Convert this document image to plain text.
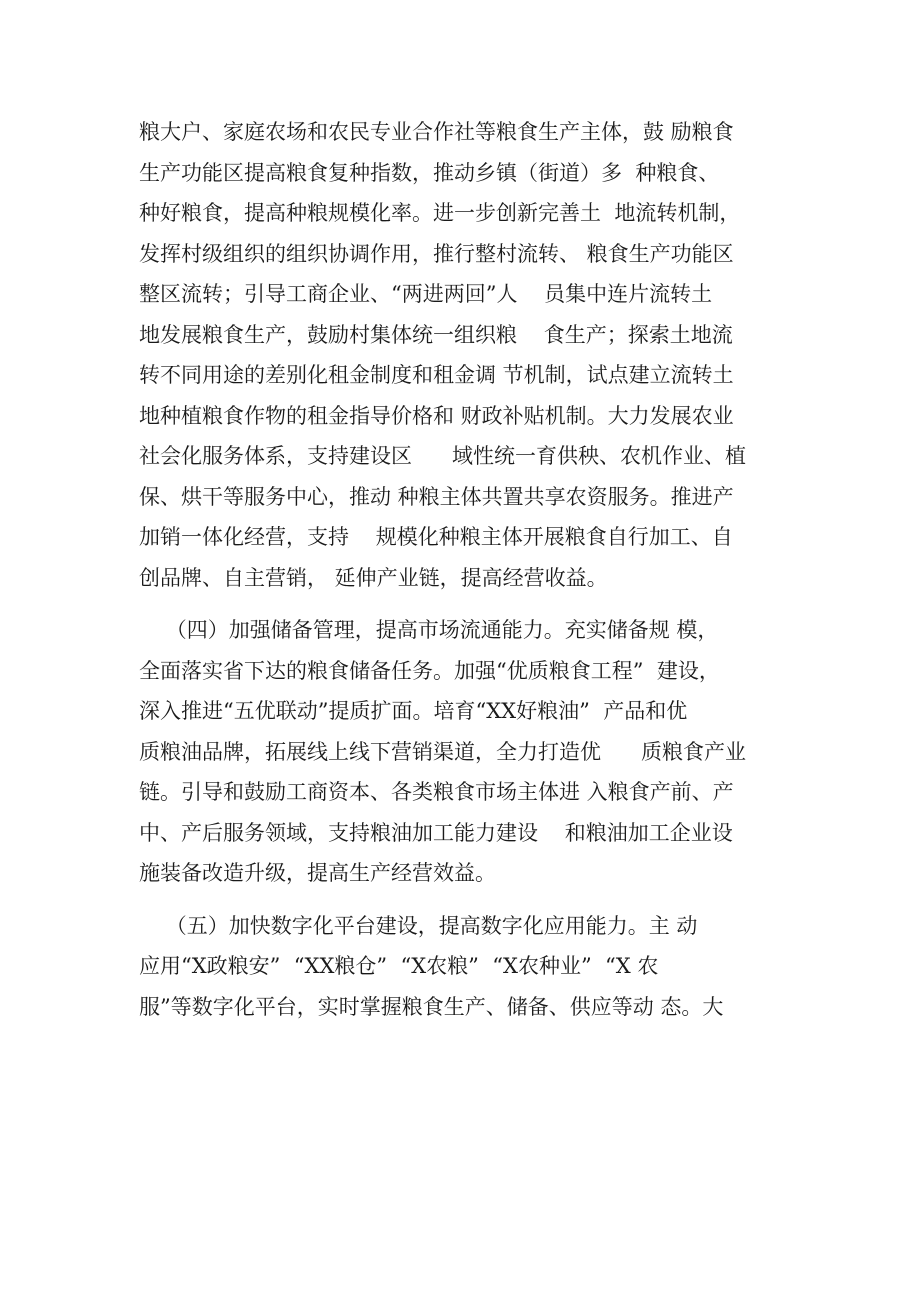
粮大户、家庭农场和农民专业合作社等粮食生产主体，鼓 励粮食
生产功能区提高粮食复种指数，推动乡镇（街道）多  种粮食、
种好粮食，提高种粮规模化率。进一步创新完善土  地流转机制，
发挥村级组织的组织协调作用，推行整村流转、 粮食生产功能区
整区流转；引导工商企业、“两进两回”人    员集中连片流转土
地发展粮食生产，鼓励村集体统一组织粮    食生产；探索土地流
转不同用途的差别化租金制度和租金调 节机制，试点建立流转土
地种植粮食作物的租金指导价格和 财政补贴机制。大力发展农业
社会化服务体系，支持建设区      域性统一育供秧、农机作业、植
保、烘干等服务中心，推动 种粮主体共置共享农资服务。推进产
加销一体化经营，支持    规模化种粮主体开展粮食自行加工、自
创品牌、自主营销， 延伸产业链，提高经营收益。
（四）加强储备管理，提高市场流通能力。充实储备规 模，
全面落实省下达的粮食储备任务。加强“优质粮食工程”  建设，
深入推进“五优联动”提质扩面。培育“XX好粮油”  产品和优
质粮油品牌，拓展线上线下营销渠道，全力打造优      质粮食产业
链。引导和鼓励工商资本、各类粮食市场主体进 入粮食产前、产
中、产后服务领域，支持粮油加工能力建设    和粮油加工企业设
施装备改造升级，提高生产经营效益。
（五）加快数字化平台建设，提高数字化应用能力。主 动
应用“X政粮安”  “XX粮仓”  “X农粮”  “X农种业”  “X 农
服”等数字化平台，实时掌握粮食生产、储备、供应等动 态。大
